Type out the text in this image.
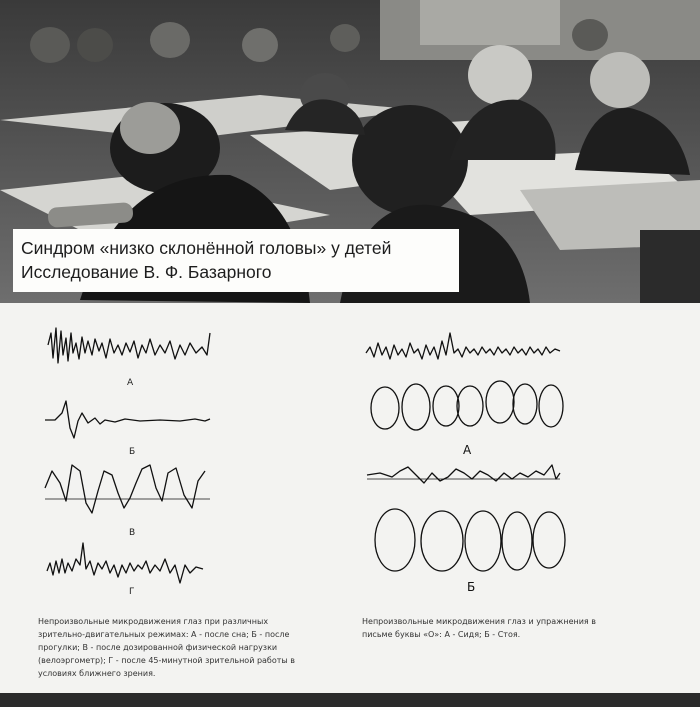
Синдром «низко склонённой головы» у детей
Исследование В. Ф. Базарного
А
Б
В
Г
А
Б
Непроизвольные микродвижения глаз при различных
зрительно-двигательных режимах: А - после сна; Б - после
прогулки; В - после дозированной физической нагрузки
(велоэргометр); Г - после 45-минутной зрительной работы в
условиях ближнего зрения.
Непроизвольные микродвижения глаз и упражнения в
письме буквы «О»: А - Сидя; Б - Стоя.
